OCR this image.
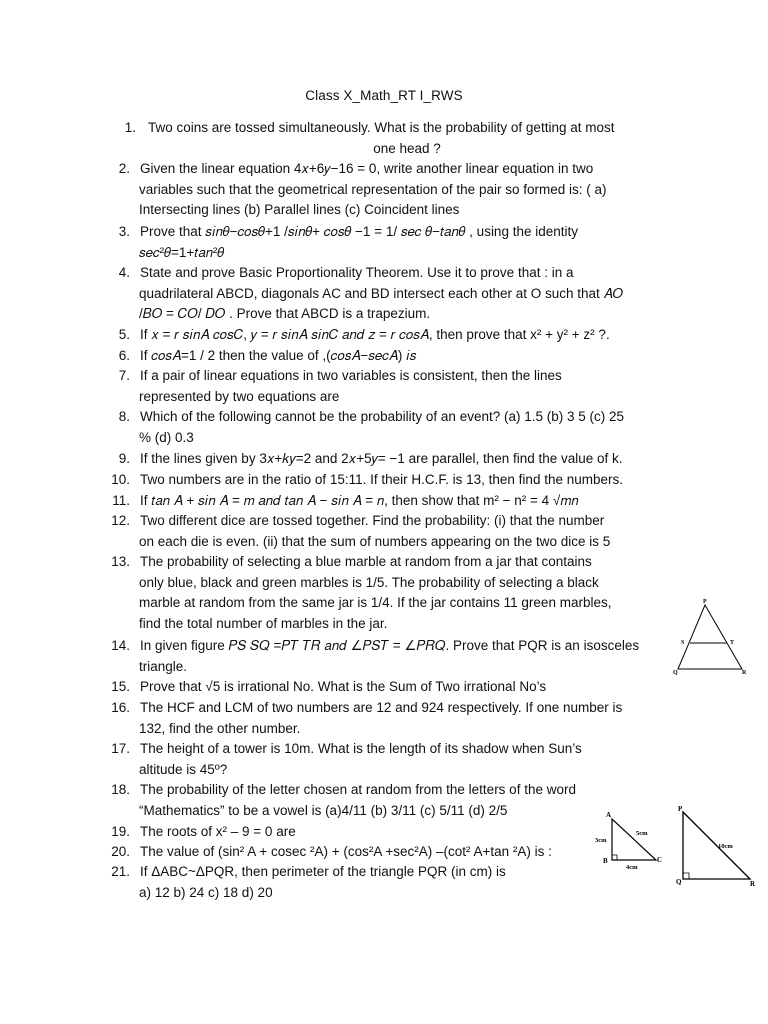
Class X_Math_RT I_RWS
1. Two coins are tossed simultaneously. What is the probability of getting at most
one head ?
2. Given the linear equation 4𝑥+6𝑦−16 = 0, write another linear equation in two
variables such that the geometrical representation of the pair so formed is: ( a)
Intersecting lines (b) Parallel lines (c) Coincident lines
3. Prove that 𝑠𝑖𝑛𝜃−𝑐𝑜𝑠𝜃+1 /𝑠𝑖𝑛𝜃+ 𝑐𝑜𝑠𝜃 −1 = 1/ 𝑠𝑒𝑐 𝜃−𝑡𝑎𝑛𝜃 , using the identity
𝑠𝑒𝑐²𝜃=1+𝑡𝑎𝑛²𝜃
4. State and prove Basic Proportionality Theorem. Use it to prove that : in a
quadrilateral ABCD, diagonals AC and BD intersect each other at O such that 𝐴𝑂
/𝐵𝑂 = 𝐶𝑂/ 𝐷𝑂 . Prove that ABCD is a trapezium.
5. If 𝑥 = 𝑟 𝑠𝑖𝑛𝐴 𝑐𝑜𝑠𝐶, 𝑦 = 𝑟 𝑠𝑖𝑛𝐴 𝑠𝑖𝑛𝐶 𝑎𝑛𝑑 𝑧 = 𝑟 𝑐𝑜𝑠𝐴, then prove that x² + y² + z² ?.
6. If 𝑐𝑜𝑠𝐴=1 / 2 then the value of ,(𝑐𝑜𝑠𝐴−𝑠𝑒𝑐𝐴) 𝑖𝑠
7. If a pair of linear equations in two variables is consistent, then the lines
represented by two equations are
8. Which of the following cannot be the probability of an event? (a) 1.5 (b) 3 5 (c) 25
% (d) 0.3
9. If the lines given by 3𝑥+𝑘𝑦=2 and 2𝑥+5𝑦= −1 are parallel, then find the value of k.
10. Two numbers are in the ratio of 15:11. If their H.C.F. is 13, then find the numbers.
11. If 𝑡𝑎𝑛 𝐴 + 𝑠𝑖𝑛 𝐴 = 𝑚 𝑎𝑛𝑑 𝑡𝑎𝑛 𝐴 − 𝑠𝑖𝑛 𝐴 = 𝑛, then show that m² − n² = 4 √𝑚𝑛
12. Two different dice are tossed together. Find the probability: (i) that the number
on each die is even. (ii) that the sum of numbers appearing on the two dice is 5
13. The probability of selecting a blue marble at random from a jar that contains
only blue, black and green marbles is 1/5. The probability of selecting a black
marble at random from the same jar is 1/4. If the jar contains 11 green marbles,
find the total number of marbles in the jar.
14. In given figure 𝑃𝑆 𝑆𝑄 =𝑃𝑇 𝑇𝑅 𝑎𝑛𝑑 ∠𝑃𝑆𝑇 = ∠𝑃𝑅𝑄. Prove that PQR is an isosceles
triangle.
15. Prove that √5 is irrational No. What is the Sum of Two irrational No’s
16. The HCF and LCM of two numbers are 12 and 924 respectively. If one number is
132, find the other number.
17. The height of a tower is 10m. What is the length of its shadow when Sun’s
altitude is 45º?
18. The probability of the letter chosen at random from the letters of the word
“Mathematics” to be a vowel is (a)4/11 (b) 3/11 (c) 5/11 (d) 2/5
19. The roots of x² – 9 = 0 are
20. The value of (sin² A + cosec ²A) + (cos²A +sec²A) –(cot² A+tan ²A) is :
21. If ΔABC~ΔPQR, then perimeter of the triangle PQR (in cm) is
a) 12 b) 24 c) 18 d) 20
P
S	T
Q	R
A
B	C
3cm
5cm
4cm
P
Q	R
10cm
